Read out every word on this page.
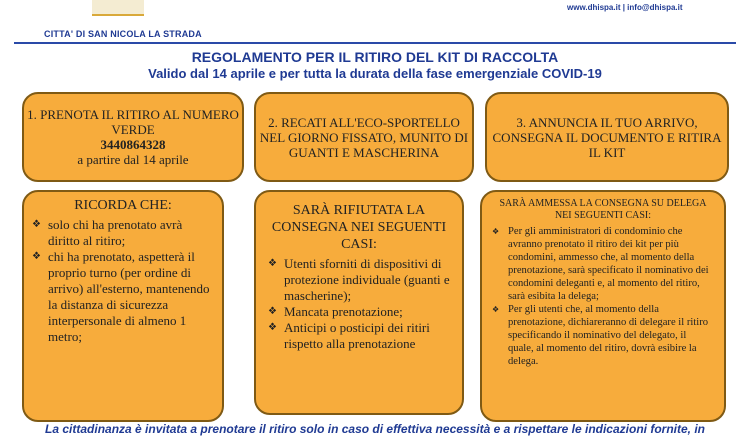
CITTA' DI SAN NICOLA LA STRADA
www.dhispa.it | info@dhispa.it
REGOLAMENTO PER IL RITIRO DEL KIT DI RACCOLTA
Valido dal 14 aprile e per tutta la durata della fase emergenziale COVID-19
1. PRENOTA IL RITIRO AL NUMERO VERDE
3440864328
a partire dal 14 aprile
2. RECATI ALL'ECO-SPORTELLO NEL GIORNO FISSATO, MUNITO DI GUANTI E MASCHERINA
3. ANNUNCIA IL TUO ARRIVO, CONSEGNA IL DOCUMENTO E RITIRA IL KIT
RICORDA CHE:
❖ solo chi ha prenotato avrà diritto al ritiro;
❖ chi ha prenotato, aspetterà il proprio turno (per ordine di arrivo) all'esterno, mantenendo la distanza di sicurezza interpersonale di almeno 1 metro;
SARÀ RIFIUTATA LA CONSEGNA NEI SEGUENTI CASI:
❖ Utenti sforniti di dispositivi di protezione individuale (guanti e mascherine);
❖ Mancata prenotazione;
❖ Anticipi o posticipi dei ritiri rispetto alla prenotazione
SARÀ AMMESSA LA CONSEGNA SU DELEGA NEI SEGUENTI CASI:
❖ Per gli amministratori di condominio che avranno prenotato il ritiro dei kit per più condomini, ammesso che, al momento della prenotazione, sarà specificato il nominativo dei condomini deleganti e, al momento del ritiro, sarà esibita la delega;
❖ Per gli utenti che, al momento della prenotazione, dichiareranno di delegare il ritiro specificando il nominativo del delegato, il quale, al momento del ritiro, dovrà esibire la delega.
La cittadinanza è invitata a prenotare il ritiro solo in caso di effettiva necessità e a rispettare le indicazioni fornite, in
